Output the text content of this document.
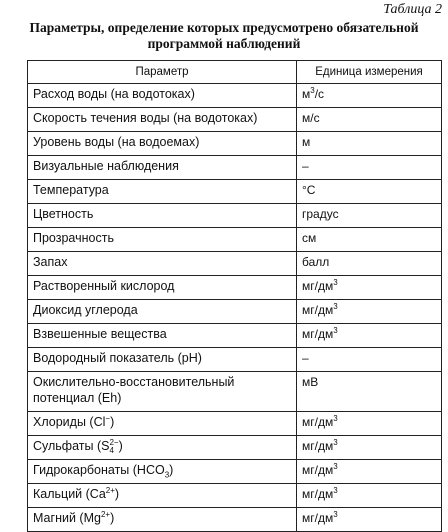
Таблица 2
Параметры, определение которых предусмотрено обязательной
программой наблюдений
Параметр	Единица измерения
Расход воды (на водотоках)	$м^3/с$
Скорость течения воды (на водотоках)	м/с
Уровень воды (на водоемах)	м
Визуальные наблюдения	–
Температура	°С
Цветность	градус
Прозрачность	см
Запах	балл
Растворенный кислород	$мг/дм^3$
Диоксид углерода	$мг/дм^3$
Взвешенные вещества	$мг/дм^3$
Водородный показатель (pH)	–
Окислительно-восстановительный
потенциал (Eh)	мВ
Хлориды (Cl−)	$мг/дм^3$
Сульфаты (S 2−
4 )	$мг/дм^3$
Гидрокарбонаты $(HCO_3)$	$мг/дм^3$
Кальций $(Ca^{2+})$	$мг/дм^3$
Магний $(Mg^{2+})$	$мг/дм^3$
